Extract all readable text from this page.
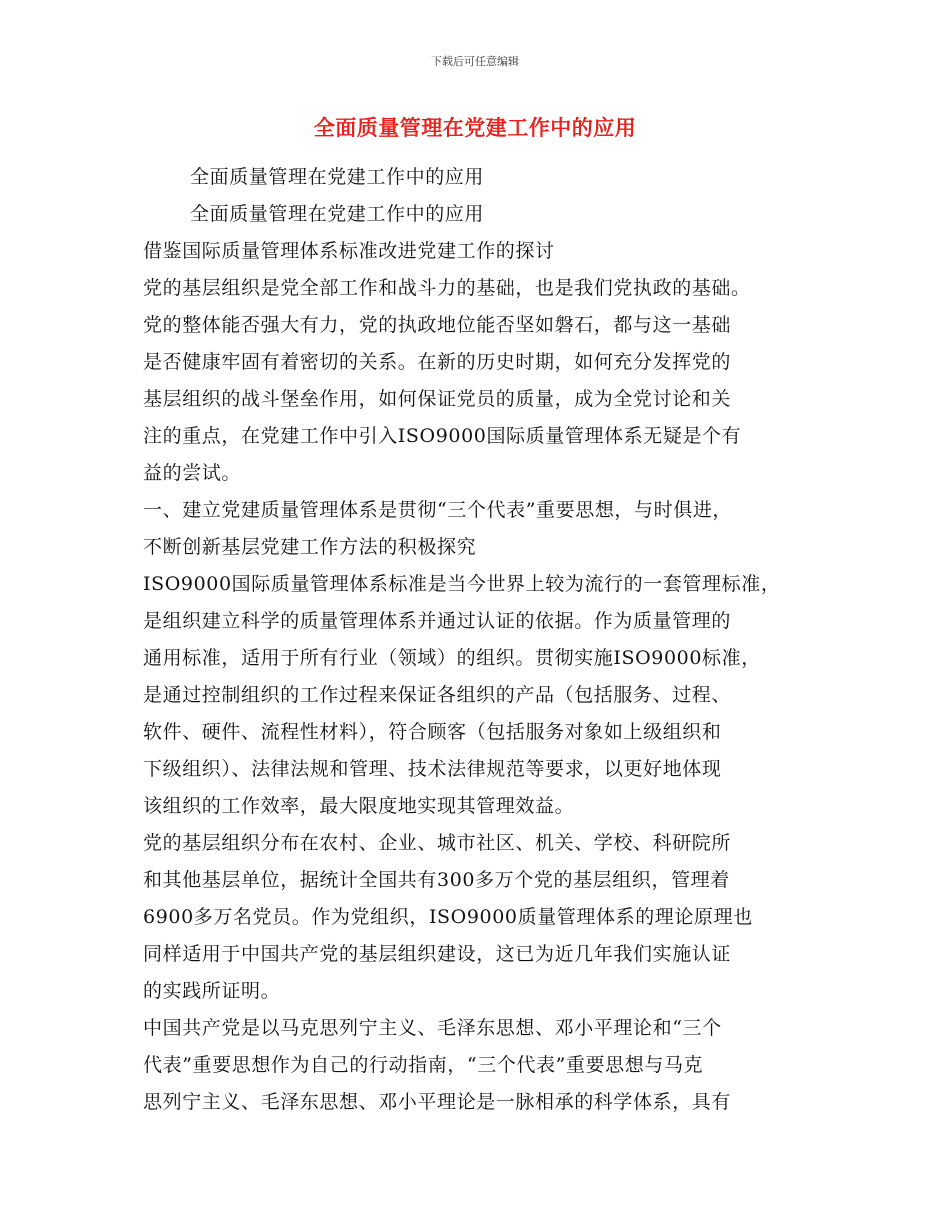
下载后可任意编辑
全面质量管理在党建工作中的应用
全面质量管理在党建工作中的应用
全面质量管理在党建工作中的应用
借鉴国际质量管理体系标准改进党建工作的探讨
党的基层组织是党全部工作和战斗力的基础，也是我们党执政的基础。
党的整体能否强大有力，党的执政地位能否坚如磐石，都与这一基础
是否健康牢固有着密切的关系。在新的历史时期，如何充分发挥党的
基层组织的战斗堡垒作用，如何保证党员的质量，成为全党讨论和关
注的重点，在党建工作中引入ISO9000国际质量管理体系无疑是个有
益的尝试。
一、建立党建质量管理体系是贯彻“三个代表”重要思想，与时俱进，
不断创新基层党建工作方法的积极探究
ISO9000国际质量管理体系标准是当今世界上较为流行的一套管理标准，
是组织建立科学的质量管理体系并通过认证的依据。作为质量管理的
通用标准，适用于所有行业（领域）的组织。贯彻实施ISO9000标准，
是通过控制组织的工作过程来保证各组织的产品（包括服务、过程、
软件、硬件、流程性材料），符合顾客（包括服务对象如上级组织和
下级组织）、法律法规和管理、技术法律规范等要求，以更好地体现
该组织的工作效率，最大限度地实现其管理效益。
党的基层组织分布在农村、企业、城市社区、机关、学校、科研院所
和其他基层单位，据统计全国共有300多万个党的基层组织，管理着
6900多万名党员。作为党组织，ISO9000质量管理体系的理论原理也
同样适用于中国共产党的基层组织建设，这已为近几年我们实施认证
的实践所证明。
中国共产党是以马克思列宁主义、毛泽东思想、邓小平理论和“三个
代表”重要思想作为自己的行动指南，“三个代表”重要思想与马克
思列宁主义、毛泽东思想、邓小平理论是一脉相承的科学体系，具有
